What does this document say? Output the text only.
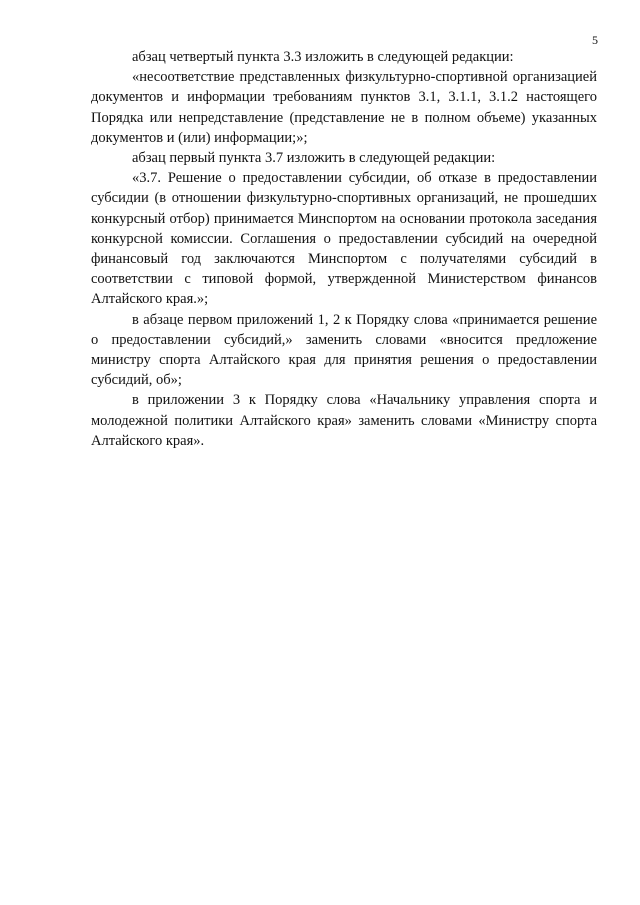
5

абзац четвертый пункта 3.3 изложить в следующей редакции:

«несоответствие представленных физкультурно-спортивной организацией документов и информации требованиям пунктов 3.1, 3.1.1, 3.1.2 настоящего Порядка или непредставление (представление не в полном объеме) указанных документов и (или) информации;»;

абзац первый пункта 3.7 изложить в следующей редакции:

«3.7. Решение о предоставлении субсидии, об отказе в предоставлении субсидии (в отношении физкультурно-спортивных организаций, не прошедших конкурсный отбор) принимается Минспортом на основании протокола заседания конкурсной комиссии. Соглашения о предоставлении субсидий на очередной финансовый год заключаются Минспортом с получателями субсидий в соответствии с типовой формой, утвержденной Министерством финансов Алтайского края.»;

в абзаце первом приложений 1, 2 к Порядку слова «принимается решение о предоставлении субсидий,» заменить словами «вносится предложение министру спорта Алтайского края для принятия решения о предоставлении субсидий, об»;

в приложении 3 к Порядку слова «Начальнику управления спорта и молодежной политики Алтайского края» заменить словами «Министру спорта Алтайского края».
